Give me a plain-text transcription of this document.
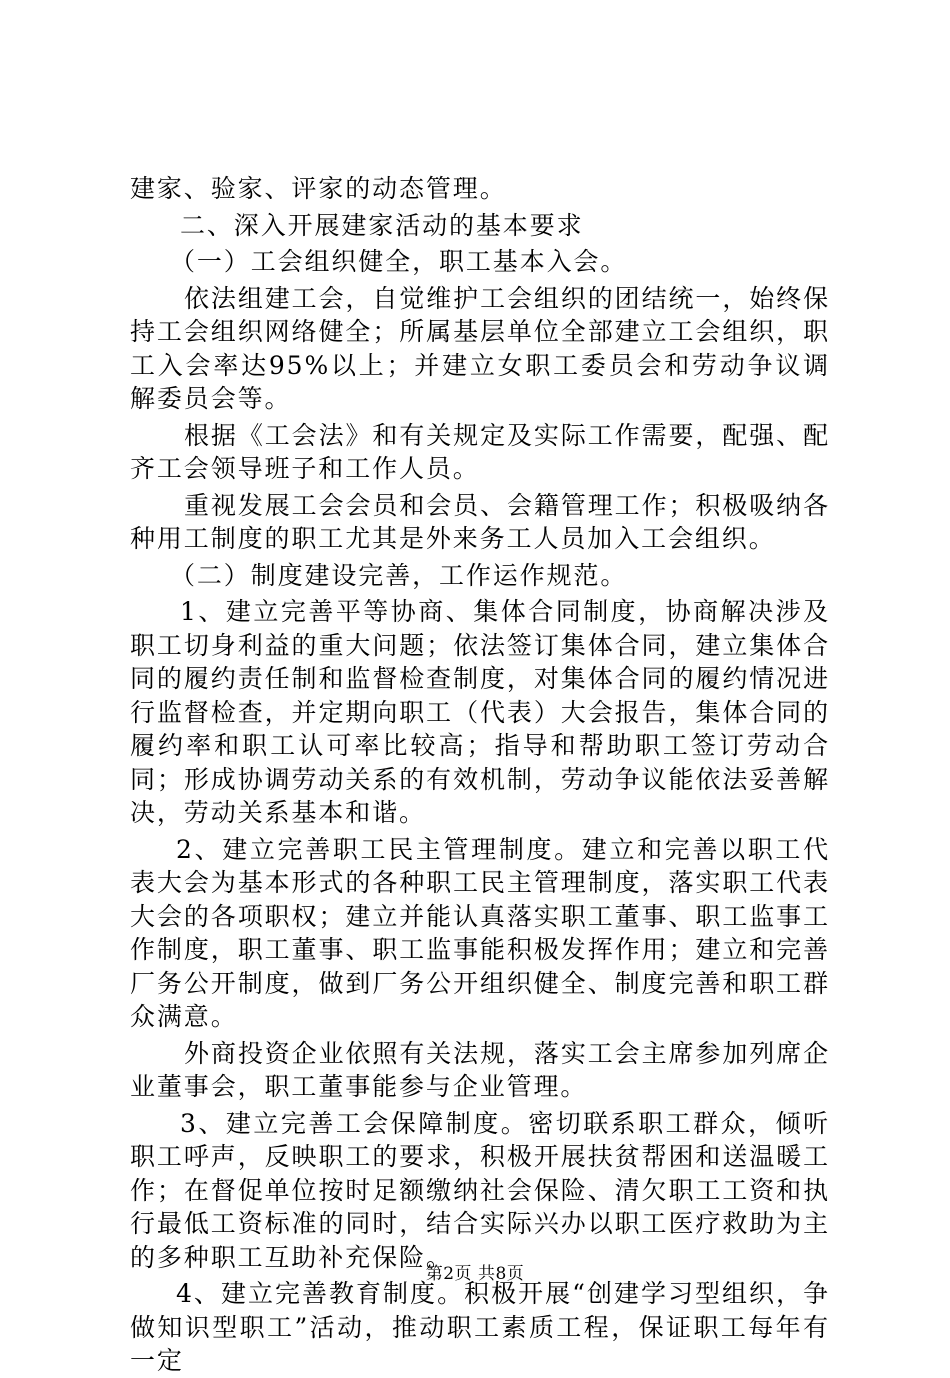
建家、验家、评家的动态管理。

二、深入开展建家活动的基本要求

（一）工会组织健全，职工基本入会。

依法组建工会，自觉维护工会组织的团结统一，始终保持工会组织网络健全；所属基层单位全部建立工会组织，职工入会率达95%以上；并建立女职工委员会和劳动争议调解委员会等。

根据《工会法》和有关规定及实际工作需要，配强、配齐工会领导班子和工作人员。

重视发展工会会员和会员、会籍管理工作；积极吸纳各种用工制度的职工尤其是外来务工人员加入工会组织。

（二）制度建设完善，工作运作规范。

1、建立完善平等协商、集体合同制度，协商解决涉及职工切身利益的重大问题；依法签订集体合同，建立集体合同的履约责任制和监督检查制度，对集体合同的履约情况进行监督检查，并定期向职工（代表）大会报告，集体合同的履约率和职工认可率比较高；指导和帮助职工签订劳动合同；形成协调劳动关系的有效机制，劳动争议能依法妥善解决，劳动关系基本和谐。

2、建立完善职工民主管理制度。建立和完善以职工代表大会为基本形式的各种职工民主管理制度，落实职工代表大会的各项职权；建立并能认真落实职工董事、职工监事工作制度，职工董事、职工监事能积极发挥作用；建立和完善厂务公开制度，做到厂务公开组织健全、制度完善和职工群众满意。

外商投资企业依照有关法规，落实工会主席参加列席企业董事会，职工董事能参与企业管理。

3、建立完善工会保障制度。密切联系职工群众，倾听职工呼声，反映职工的要求，积极开展扶贫帮困和送温暖工作；在督促单位按时足额缴纳社会保险、清欠职工工资和执行最低工资标准的同时，结合实际兴办以职工医疗救助为主的多种职工互助补充保险。

4、建立完善教育制度。积极开展“创建学习型组织，争做知识型职工”活动，推动职工素质工程，保证职工每年有一定

第2页 共8页
